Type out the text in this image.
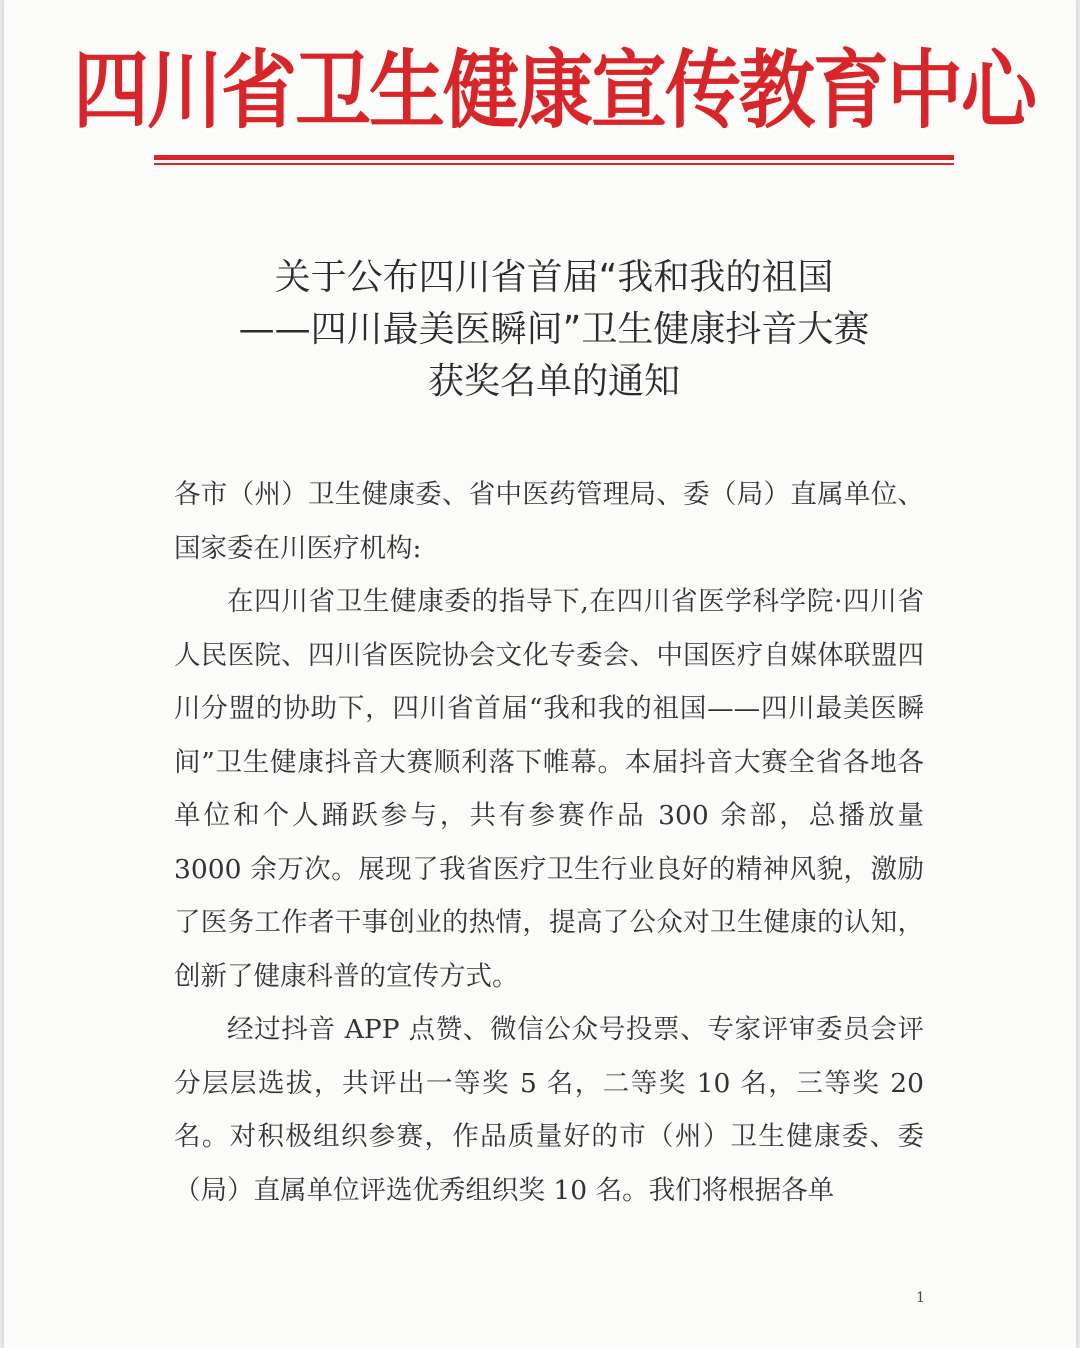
四川省卫生健康宣传教育中心
关于公布四川省首届“我和我的祖国
——四川最美医瞬间”卫生健康抖音大赛
获奖名单的通知

各市（州）卫生健康委、省中医药管理局、委（局）直属单位、国家委在川医疗机构:

在四川省卫生健康委的指导下,在四川省医学科学院·四川省人民医院、四川省医院协会文化专委会、中国医疗自媒体联盟四川分盟的协助下，四川省首届“我和我的祖国——四川最美医瞬间”卫生健康抖音大赛顺利落下帷幕。本届抖音大赛全省各地各单位和个人踊跃参与，共有参赛作品 300 余部，总播放量 3000 余万次。展现了我省医疗卫生行业良好的精神风貌，激励了医务工作者干事创业的热情，提高了公众对卫生健康的认知，创新了健康科普的宣传方式。

经过抖音 APP 点赞、微信公众号投票、专家评审委员会评分层层选拔，共评出一等奖 5 名，二等奖 10 名，三等奖 20 名。对积极组织参赛，作品质量好的市（州）卫生健康委、委（局）直属单位评选优秀组织奖 10 名。我们将根据各单

1
